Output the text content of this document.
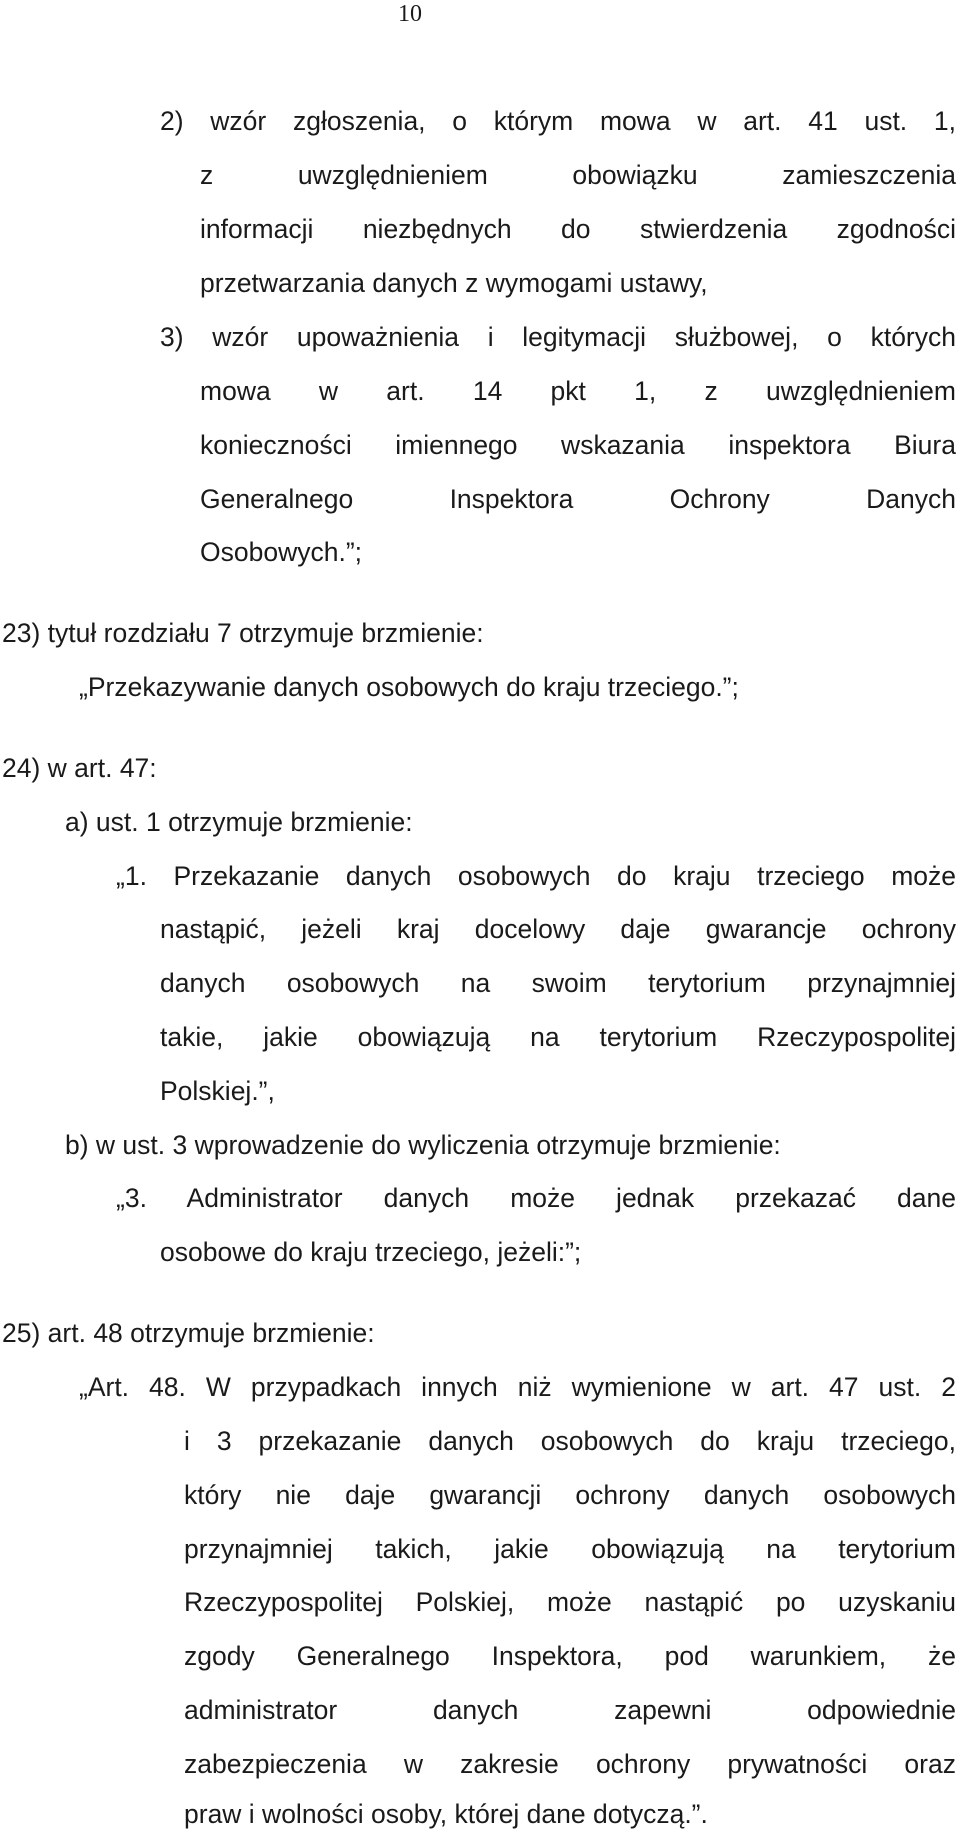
10
2) wzór zgłoszenia, o którym mowa w art. 41 ust. 1,
z uwzględnieniem obowiązku zamieszczenia
informacji niezbędnych do stwierdzenia zgodności
przetwarzania danych z wymogami ustawy,
3) wzór upoważnienia i legitymacji służbowej, o których
mowa w art. 14 pkt 1, z uwzględnieniem
konieczności imiennego wskazania inspektora Biura
Generalnego Inspektora Ochrony Danych
Osobowych.”;
23) tytuł rozdziału 7 otrzymuje brzmienie:
„Przekazywanie danych osobowych do kraju trzeciego.”;
24) w art. 47:
a) ust. 1 otrzymuje brzmienie:
„1. Przekazanie danych osobowych do kraju trzeciego może
nastąpić, jeżeli kraj docelowy daje gwarancje ochrony
danych osobowych na swoim terytorium przynajmniej
takie, jakie obowiązują na terytorium Rzeczypospolitej
Polskiej.”,
b) w ust. 3 wprowadzenie do wyliczenia otrzymuje brzmienie:
„3. Administrator danych może jednak przekazać dane
osobowe do kraju trzeciego, jeżeli:”;
25) art. 48 otrzymuje brzmienie:
„Art. 48. W przypadkach innych niż wymienione w art. 47 ust. 2
i 3 przekazanie danych osobowych do kraju trzeciego,
który nie daje gwarancji ochrony danych osobowych
przynajmniej takich, jakie obowiązują na terytorium
Rzeczypospolitej Polskiej, może nastąpić po uzyskaniu
zgody Generalnego Inspektora, pod warunkiem, że
administrator danych zapewni odpowiednie
zabezpieczenia w zakresie ochrony prywatności oraz
praw i wolności osoby, której dane dotyczą.”.
